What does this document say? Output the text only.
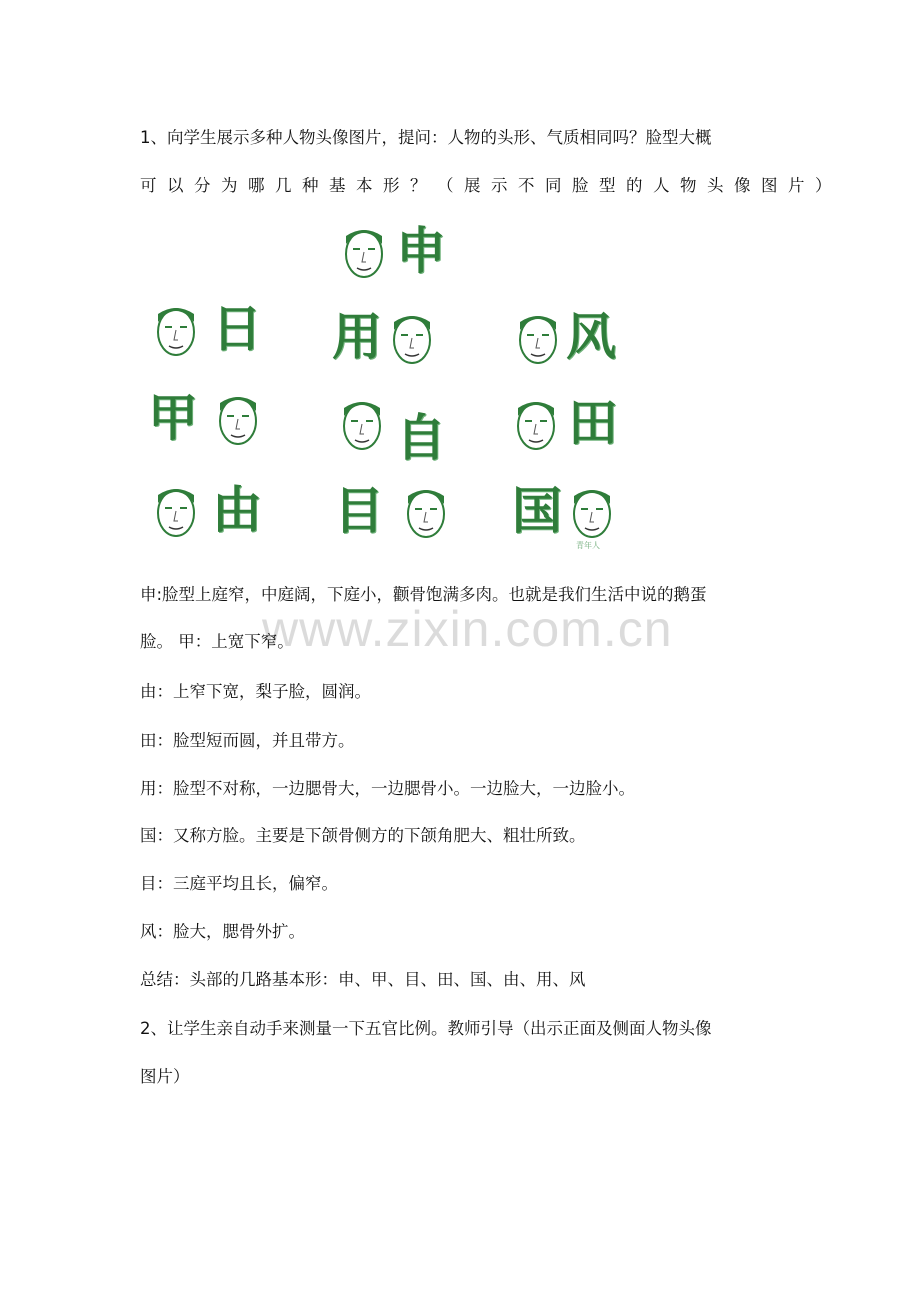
1、向学生展示多种人物头像图片，提问：人物的头形、气质相同吗？脸型大概
可以分为哪几种基本形？（展示不同脸型的人物头像图片）
申
日 用	风
甲	自 田
由 目	国
青年人
www.zixin.com.cn
申:脸型上庭窄，中庭阔，下庭小，颧骨饱满多肉。也就是我们生活中说的鹅蛋
脸。 甲：上宽下窄。
由：上窄下宽，梨子脸，圆润。
田：脸型短而圆，并且带方。
用：脸型不对称，一边腮骨大，一边腮骨小。一边脸大，一边脸小。
国：又称方脸。主要是下颌骨侧方的下颌角肥大、粗壮所致。
目：三庭平均且长，偏窄。
风：脸大，腮骨外扩。
总结：头部的几路基本形：申、甲、目、田、国、由、用、风
2、让学生亲自动手来测量一下五官比例。教师引导（出示正面及侧面人物头像
图片）
